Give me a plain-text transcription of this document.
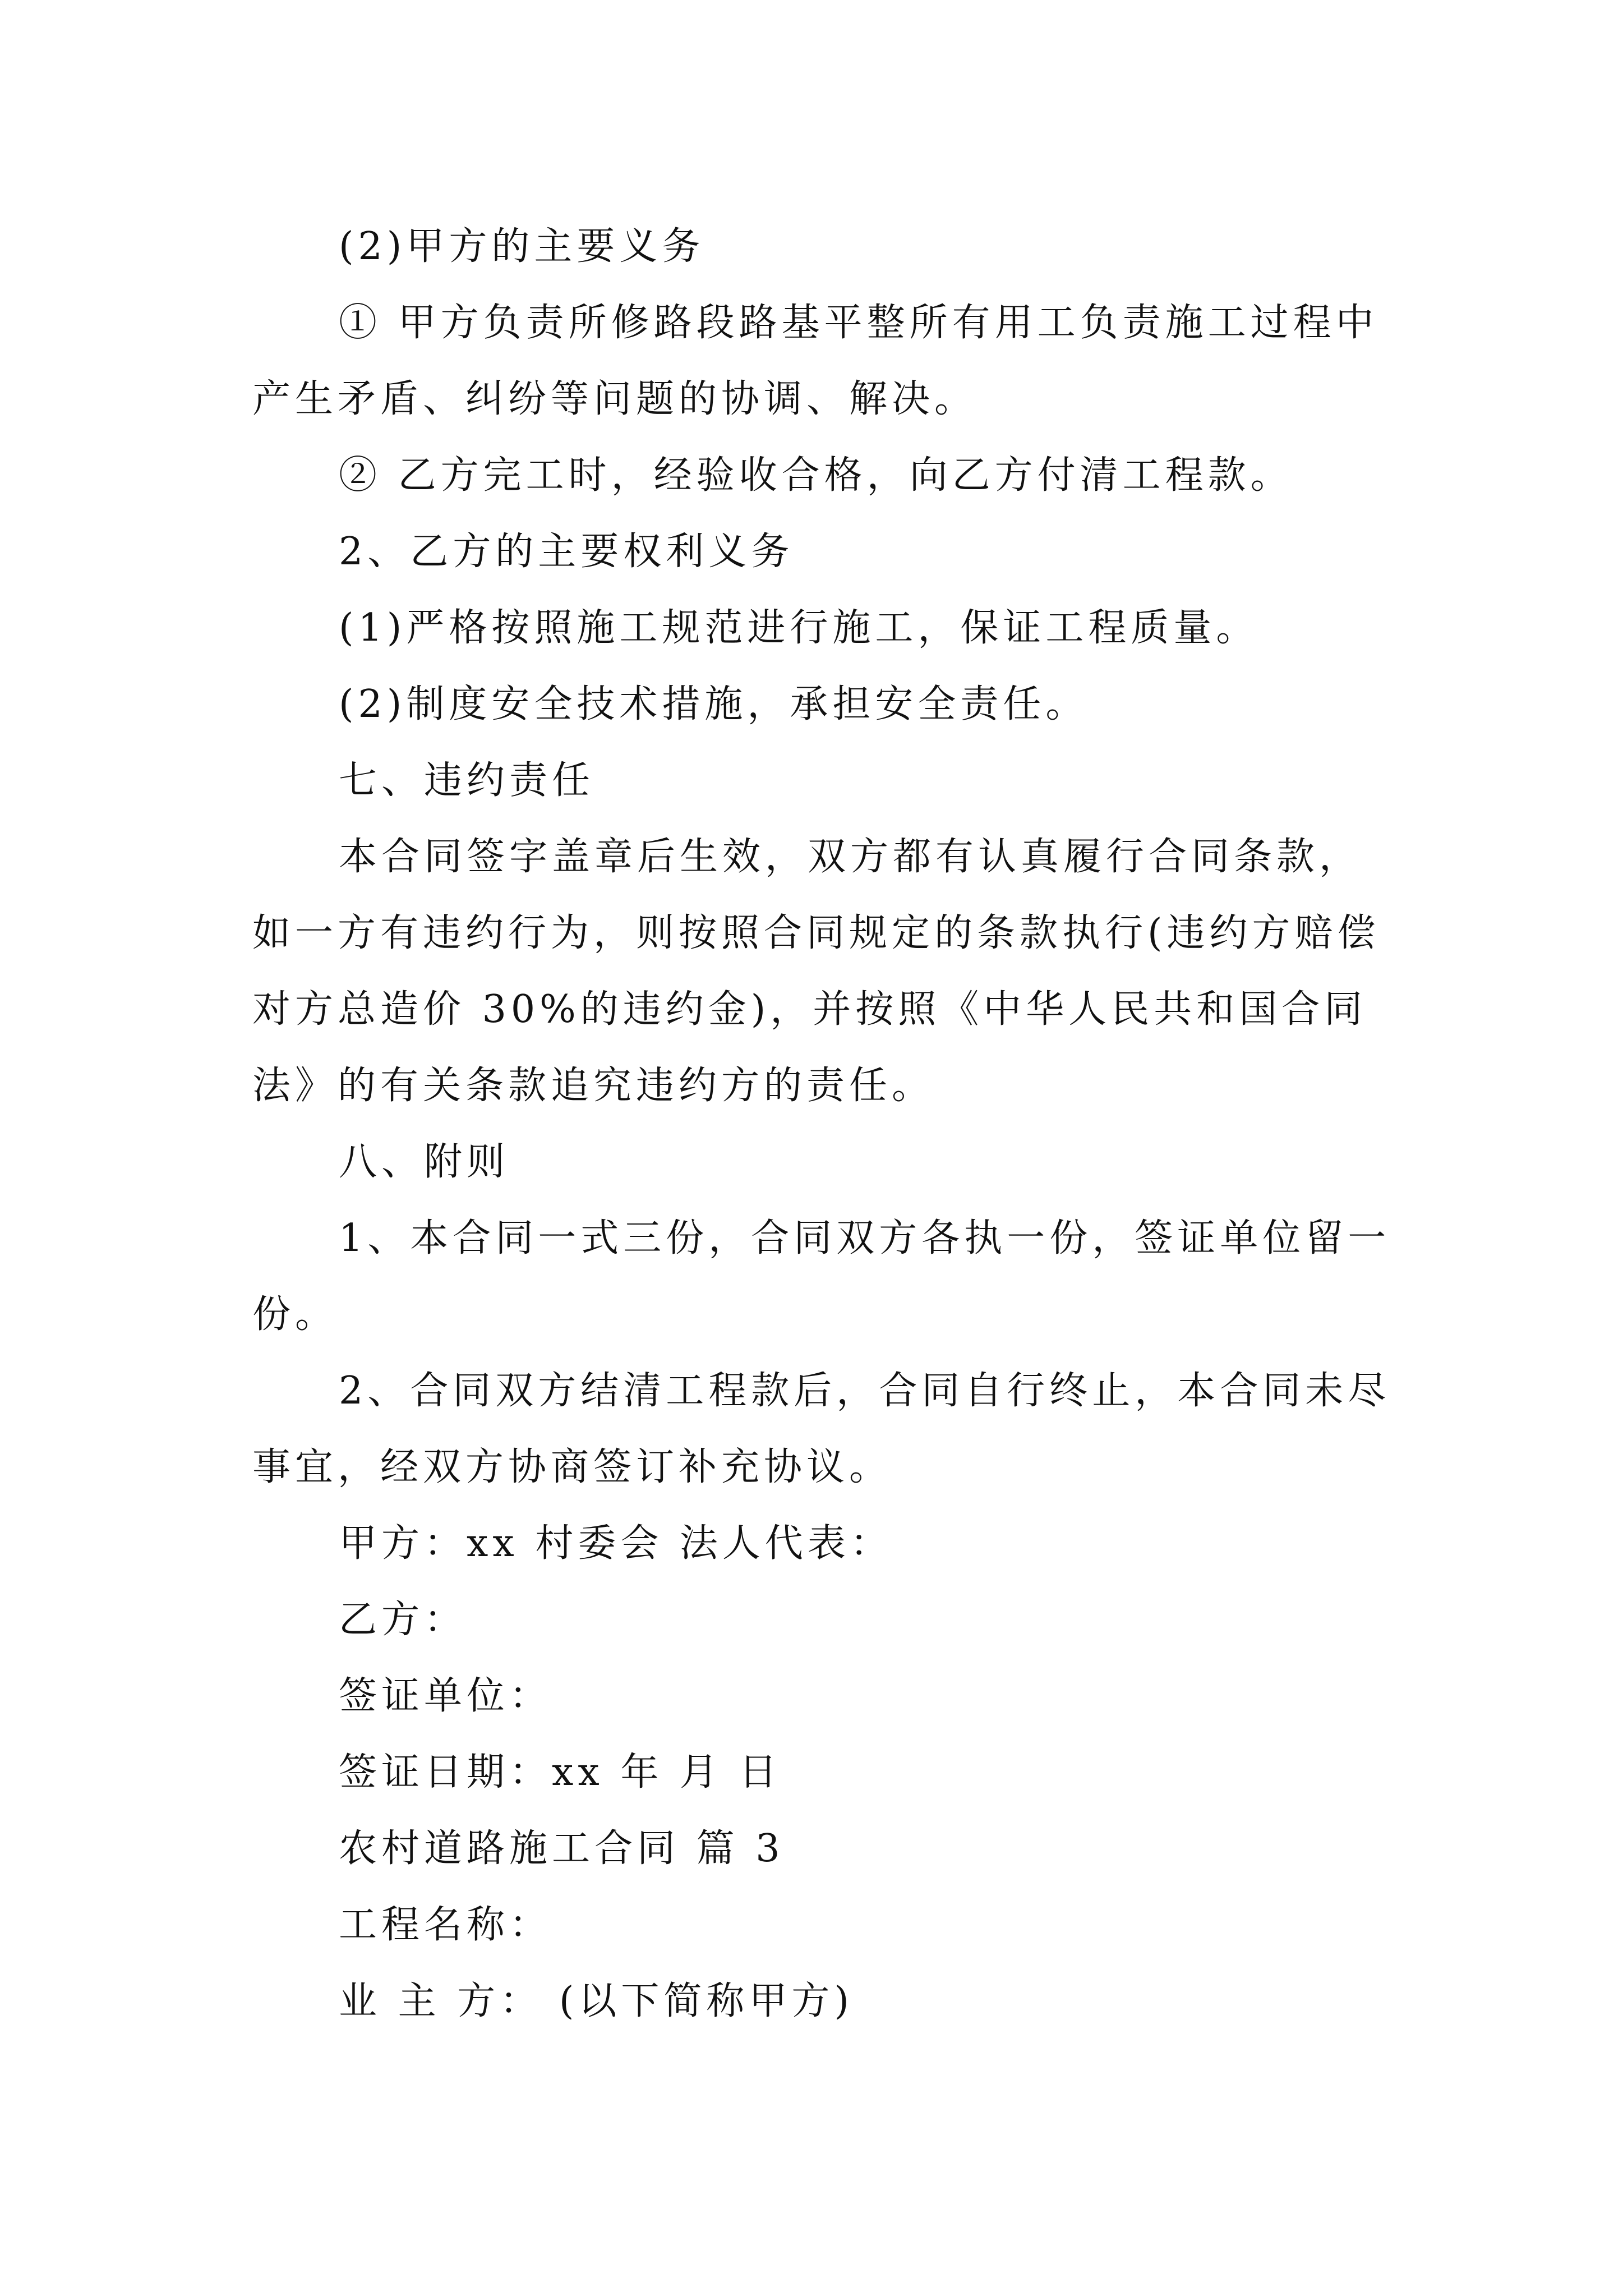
(2)甲方的主要义务

① 甲方负责所修路段路基平整所有用工负责施工过程中产生矛盾、纠纷等问题的协调、解决。

② 乙方完工时，经验收合格，向乙方付清工程款。

2、乙方的主要权利义务

(1)严格按照施工规范进行施工，保证工程质量。

(2)制度安全技术措施，承担安全责任。

七、违约责任

本合同签字盖章后生效，双方都有认真履行合同条款，如一方有违约行为，则按照合同规定的条款执行(违约方赔偿对方总造价 30%的违约金)，并按照《中华人民共和国合同法》的有关条款追究违约方的责任。

八、附则

1、本合同一式三份，合同双方各执一份，签证单位留一份。

2、合同双方结清工程款后，合同自行终止，本合同未尽事宜，经双方协商签订补充协议。

甲方：xx 村委会 法人代表：

乙方：

签证单位：

签证日期：xx 年 月 日

农村道路施工合同 篇 3

工程名称：

业 主 方： (以下简称甲方)
